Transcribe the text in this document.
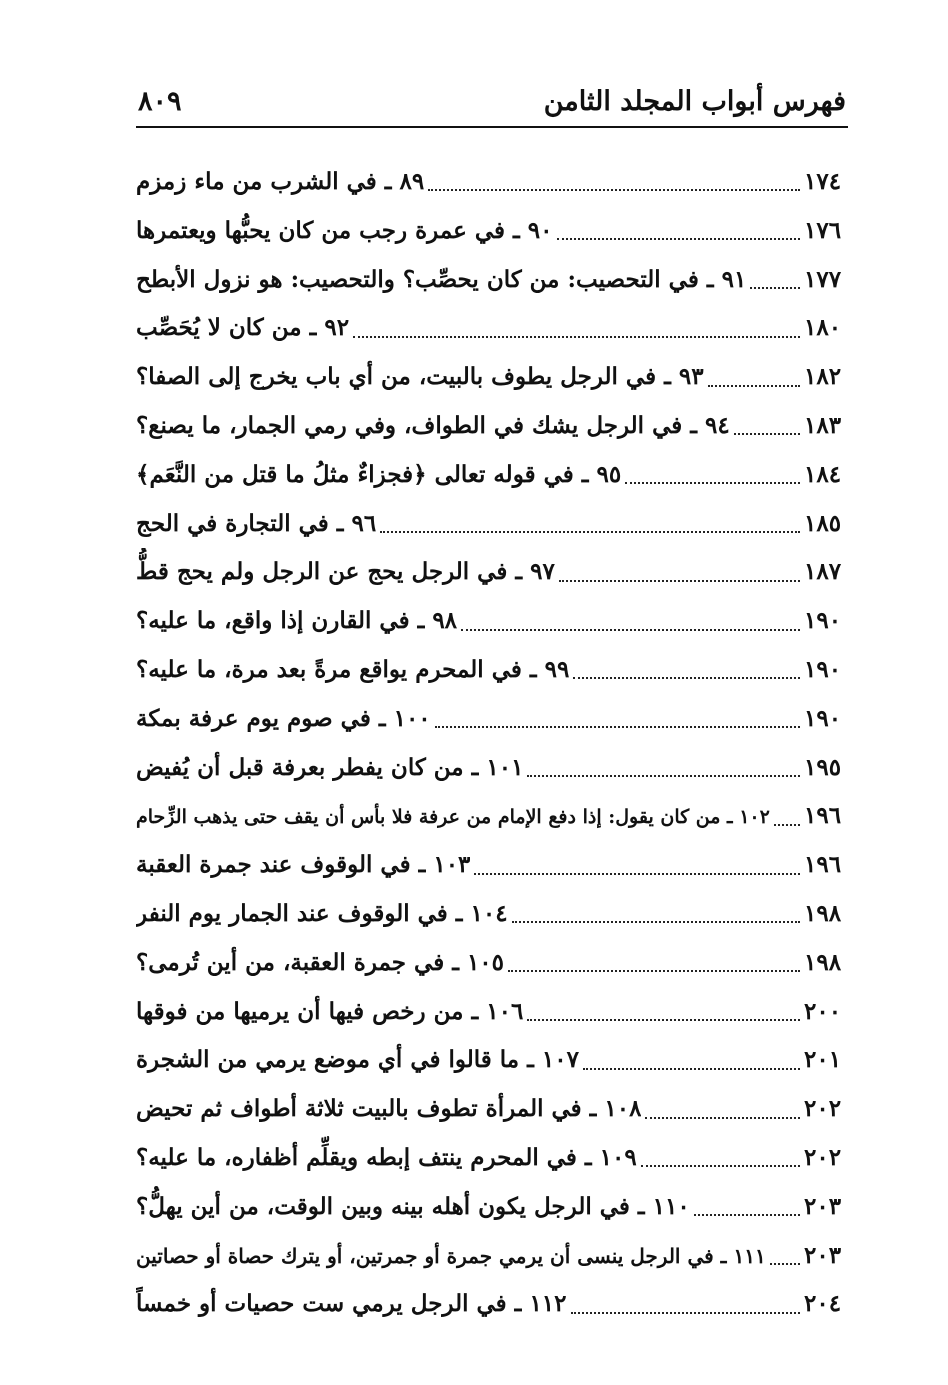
فهرس أبواب المجلد الثامن
٨٠٩
٨٩ ـ في الشرب من ماء زمزم	١٧٤
٩٠ ـ في عمرة رجب من كان يحبُّها ويعتمرها	١٧٦
٩١ ـ في التحصيب: من كان يحصِّب؟ والتحصيب: هو نزول الأبطح	١٧٧
٩٢ ـ من كان لا يُحَصِّب	١٨٠
٩٣ ـ في الرجل يطوف بالبيت، من أي باب يخرج إلى الصفا؟	١٨٢
٩٤ ـ في الرجل يشك في الطواف، وفي رمي الجمار، ما يصنع؟	١٨٣
٩٥ ـ في قوله تعالى ﴿فجزاءٌ مثلُ ما قتل من النَّعَم﴾	١٨٤
٩٦ ـ في التجارة في الحج	١٨٥
٩٧ ـ في الرجل يحج عن الرجل ولم يحج قطُّ	١٨٧
٩٨ ـ في القارن إذا واقع، ما عليه؟	١٩٠
٩٩ ـ في المحرم يواقع مرةً بعد مرة، ما عليه؟	١٩٠
١٠٠ ـ في صوم يوم عرفة بمكة	١٩٠
١٠١ ـ من كان يفطر بعرفة قبل أن يُفيض	١٩٥
١٠٢ ـ من كان يقول: إذا دفع الإمام من عرفة فلا بأس أن يقف حتى يذهب الزِّحام ١٩٦
١٠٣ ـ في الوقوف عند جمرة العقبة	١٩٦
١٠٤ ـ في الوقوف عند الجمار يوم النفر	١٩٨
١٠٥ ـ في جمرة العقبة، من أين تُرمى؟	١٩٨
١٠٦ ـ من رخص فيها أن يرميها من فوقها	٢٠٠
١٠٧ ـ ما قالوا في أي موضع يرمي من الشجرة	٢٠١
١٠٨ ـ في المرأة تطوف بالبيت ثلاثة أطواف ثم تحيض	٢٠٢
١٠٩ ـ في المحرم ينتف إبطه ويقلِّم أظفاره، ما عليه؟	٢٠٢
١١٠ ـ في الرجل يكون أهله بينه وبين الوقت، من أين يهلُّ؟	٢٠٣
١١١ ـ في الرجل ينسى أن يرمي جمرة أو جمرتين، أو يترك حصاة أو حصاتين ٢٠٣
١١٢ ـ في الرجل يرمي ست حصيات أو خمساً	٢٠٤
